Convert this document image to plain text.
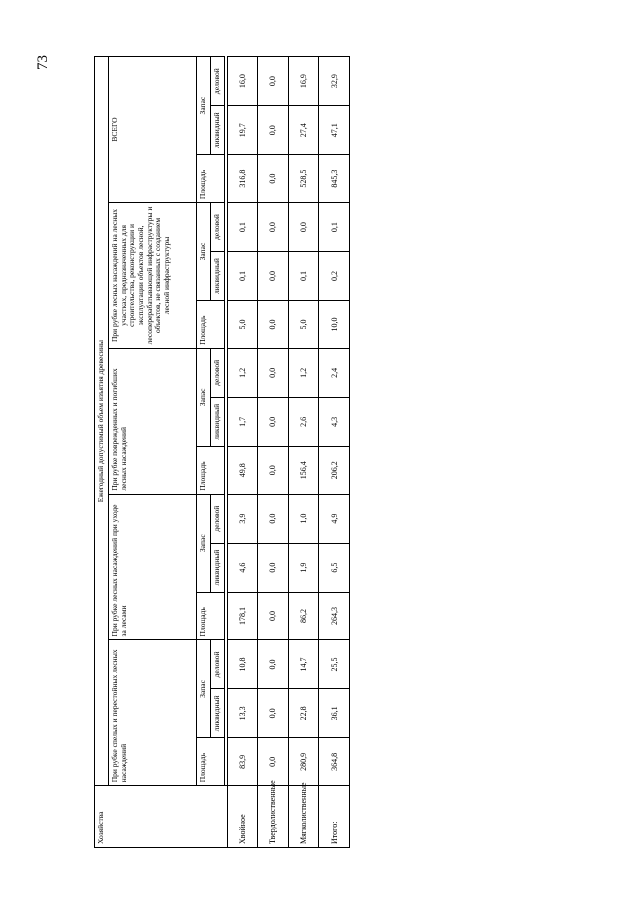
73
Хозяйства	Ежегодный допустимый объем изъятия древесины														
	При рубке спелых и перестойных лесных насаждений			При рубке лесных насаждений при уходе за лесами			При рубке поврежденных и погибших лесных насаждений			При рубке лесных насаждений на лесных участках, предназначенных для строительства, реконструкции и эксплуатации объектов лесной, лесоперерабатывающей инфраструктуры и объектов, не связанных с созданием лесной инфраструктуры			ВСЕГО		
	Площадь	Запас		Площадь	Запас		Площадь	Запас		Площадь	Запас		Площадь	Запас	
		ликвидный	деловой		ликвидный	деловой		ликвидный	деловой		ликвидный	деловой		ликвидный	деловой

Хвойное	83,9	13,3	10,8	178,1	4,6	3,9	49,8	1,7	1,2	5,0	0,1	0,1	316,8	19,7	16,0
Твердолиственные	0,0	0,0	0,0	0,0	0,0	0,0	0,0	0,0	0,0	0,0	0,0	0,0	0,0	0,0	0,0
Мягколиственные	280,9	22,8	14,7	86,2	1,9	1,0	156,4	2,6	1,2	5,0	0,1	0,0	528,5	27,4	16,9
Итого:	364,8	36,1	25,5	264,3	6,5	4,9	206,2	4,3	2,4	10,0	0,2	0,1	845,3	47,1	32,9
